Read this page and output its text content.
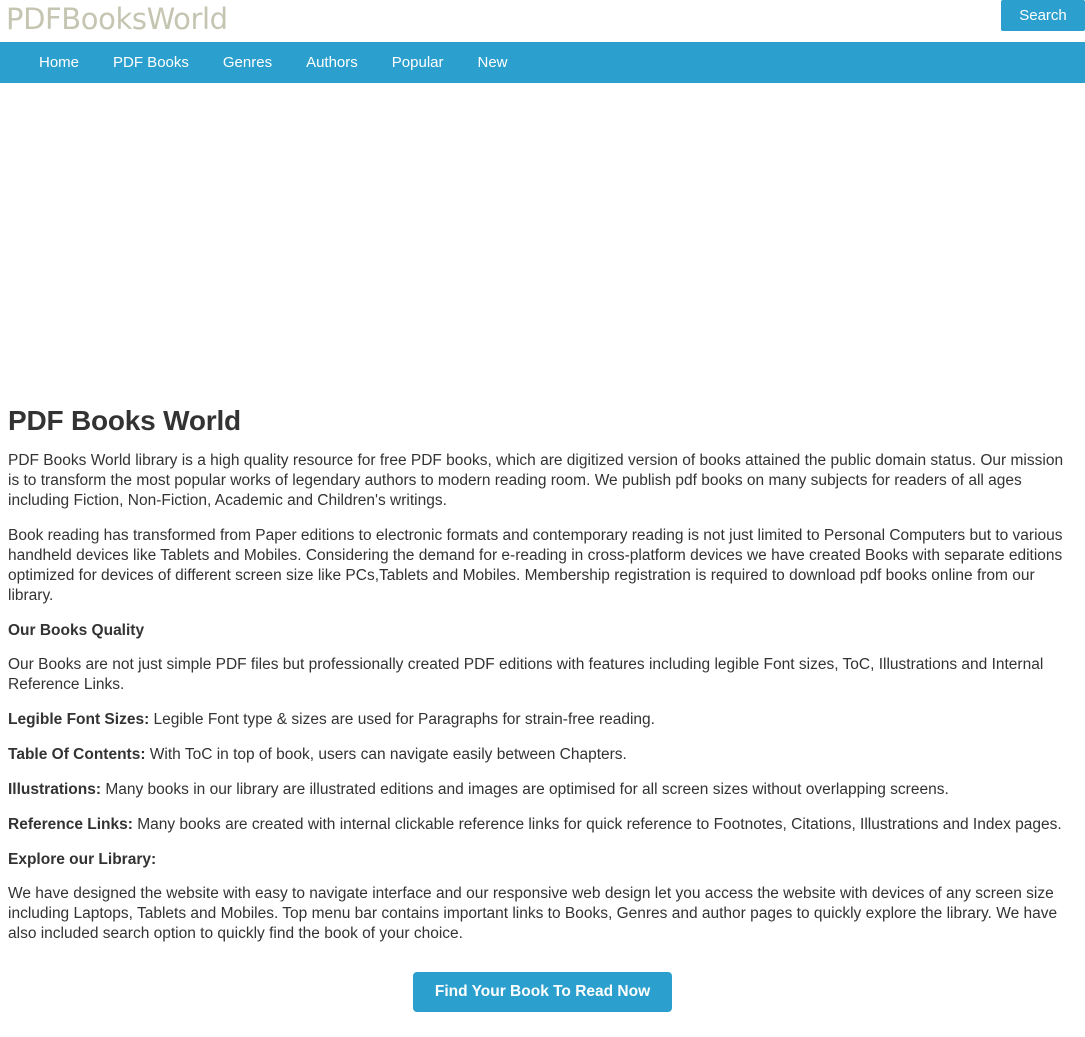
PDFBooksWorld	Search
Home	PDF Books	Genres	Authors	Popular	New
PDF Books World

PDF Books World library is a high quality resource for free PDF books, which are digitized version of books attained the public domain status. Our mission is to transform the most popular works of legendary authors to modern reading room. We publish pdf books on many subjects for readers of all ages including Fiction, Non-Fiction, Academic and Children's writings.

Book reading has transformed from Paper editions to electronic formats and contemporary reading is not just limited to Personal Computers but to various handheld devices like Tablets and Mobiles. Considering the demand for e-reading in cross-platform devices we have created Books with separate editions optimized for devices of different screen size like PCs,Tablets and Mobiles. Membership registration is required to download pdf books online from our library.

Our Books Quality

Our Books are not just simple PDF files but professionally created PDF editions with features including legible Font sizes, ToC, Illustrations and Internal Reference Links.

Legible Font Sizes: Legible Font type & sizes are used for Paragraphs for strain-free reading.

Table Of Contents: With ToC in top of book, users can navigate easily between Chapters.

Illustrations: Many books in our library are illustrated editions and images are optimised for all screen sizes without overlapping screens.

Reference Links: Many books are created with internal clickable reference links for quick reference to Footnotes, Citations, Illustrations and Index pages.

Explore our Library:

We have designed the website with easy to navigate interface and our responsive web design let you access the website with devices of any screen size including Laptops, Tablets and Mobiles. Top menu bar contains important links to Books, Genres and author pages to quickly explore the library. We have also included search option to quickly find the book of your choice.

Find Your Book To Read Now
